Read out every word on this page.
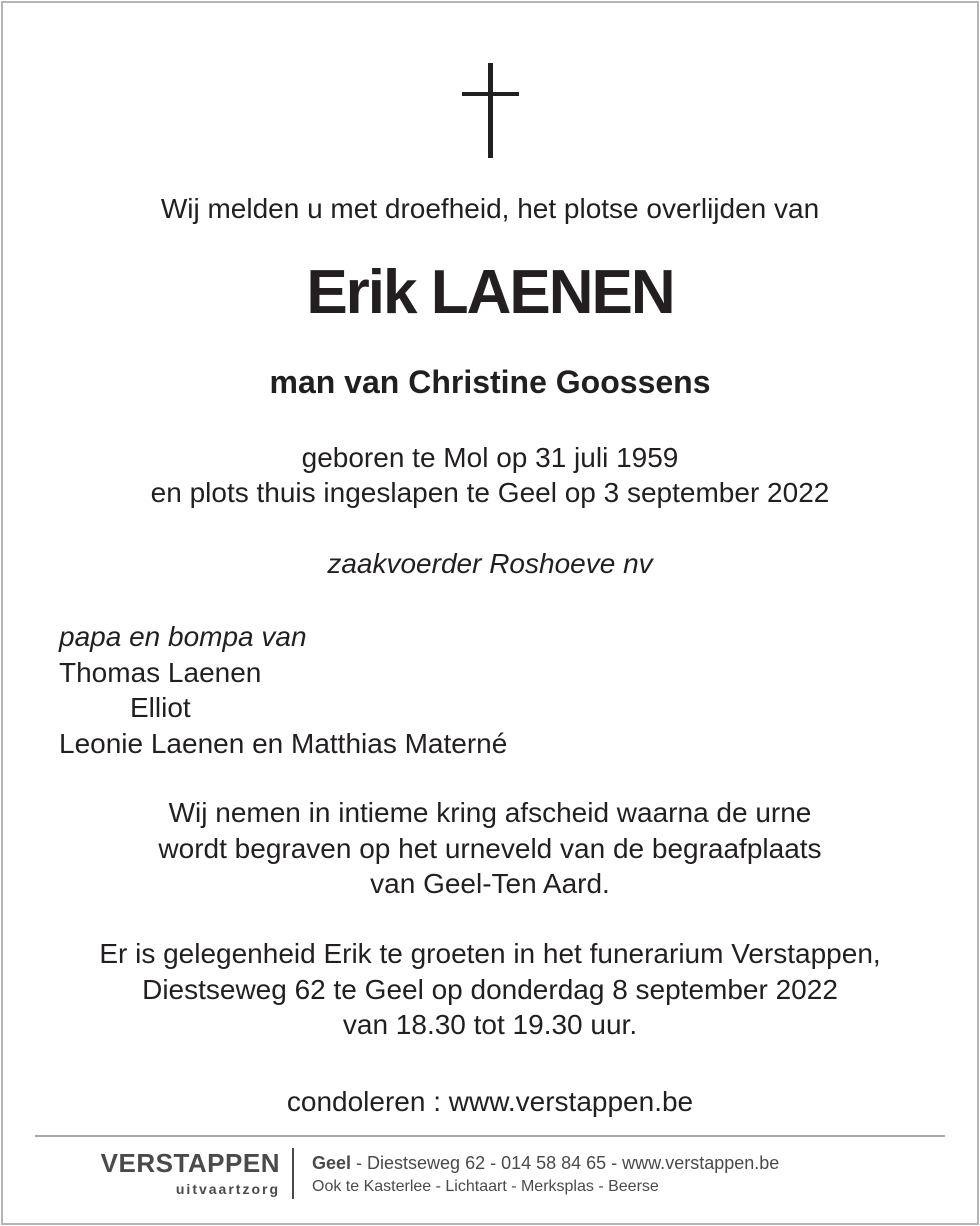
Wij melden u met droefheid, het plotse overlijden van
Erik LAENEN
man van Christine Goossens
geboren te Mol op 31 juli 1959
en plots thuis ingeslapen te Geel op 3 september 2022
zaakvoerder Roshoeve nv
papa en bompa van
Thomas Laenen
Elliot
Leonie Laenen en Matthias Materné
Wij nemen in intieme kring afscheid waarna de urne
wordt begraven op het urneveld van de begraafplaats
van Geel-Ten Aard.
Er is gelegenheid Erik te groeten in het funerarium Verstappen,
Diestseweg 62 te Geel op donderdag 8 september 2022
van 18.30 tot 19.30 uur.
condoleren : www.verstappen.be
VERSTAPPEN
uitvaartzorg
Geel - Diestseweg 62 - 014 58 84 65 - www.verstappen.be
Ook te Kasterlee - Lichtaart - Merksplas - Beerse
